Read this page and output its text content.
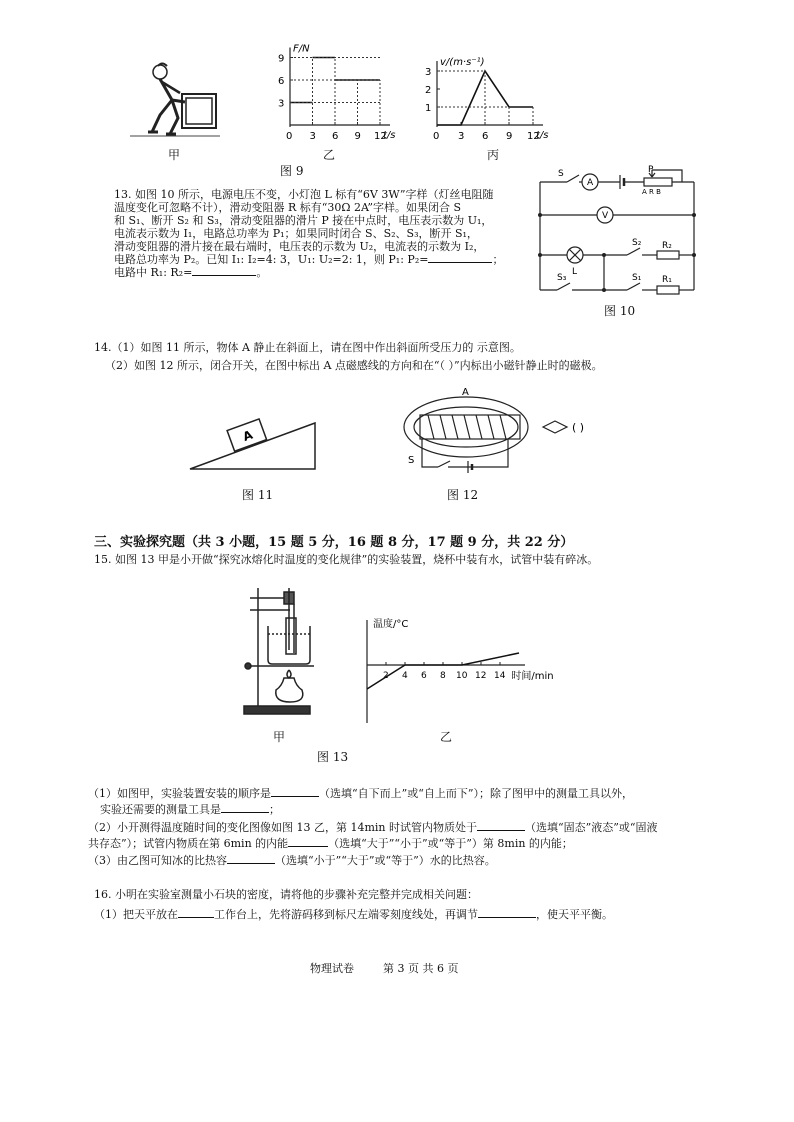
甲
F/N
t/s
0 3 6 9 12
3
6
9
乙
v/(m·s⁻¹)
t/s
0 3 6 9 12
1
2
3
丙
图 9
13. 如图 10 所示，电源电压不变，小灯泡 L 标有“6V 3W”字样（灯丝电阻随
温度变化可忽略不计），滑动变阻器 R 标有“30Ω 2A”字样。如果闭合 S
和 S₁、断开 S₂ 和 S₃，滑动变阻器的滑片 P 接在中点时，电压表示数为 U₁，
电流表示数为 I₁，电路总功率为 P₁；如果同时闭合 S、S₂、S₃，断开 S₁，
滑动变阻器的滑片接在最右端时，电压表的示数为 U₂，电流表的示数为 I₂，
电路总功率为 P₂。已知 I₁: I₂=4: 3，U₁: U₂=2: 1，则 P₁: P₂=	；
电路中 R₁: R₂=	。
S
A
V
P
A R B
L
S₂ R₂
S₃	S₁ R₁
图 10
14.（1）如图 11 所示，物体 A 静止在斜面上，请在图中作出斜面所受压力的 示意图。
（2）如图 12 所示，闭合开关，在图中标出 A 点磁感线的方向和在“（ ）”内标出小磁针静止时的磁极。
A
图 11
A
S
( )
图 12
三、实验探究题（共 3 小题，15 题 5 分，16 题 8 分，17 题 9 分，共 22 分）
15. 如图 13 甲是小开做“探究冰熔化时温度的变化规律”的实验装置，烧杯中装有水，试管中装有碎冰。
甲
温度/°C
时间/min
2 4 6 8 10 12 14
乙
图 13
（1）如图甲，实验装置安装的顺序是	（选填“自下而上”或“自上而下”）；除了图甲中的测量工具以外，
实验还需要的测量工具是	；
（2）小开测得温度随时间的变化图像如图 13 乙，第 14min 时试管内物质处于	（选填“固态”液态”或“固液
共存态”）；试管内物质在第 6min 的内能	（选填“大于”“小于”或“等于”）第 8min 的内能；
（3）由乙图可知冰的比热容	（选填“小于”“大于”或“等于”）水的比热容。
16. 小明在实验室测量小石块的密度，请将他的步骤补充完整并完成相关问题：
（1）把天平放在	工作台上，先将游码移到标尺左端零刻度线处，再调节	，使天平平衡。
物理试卷	第 3 页 共 6 页
